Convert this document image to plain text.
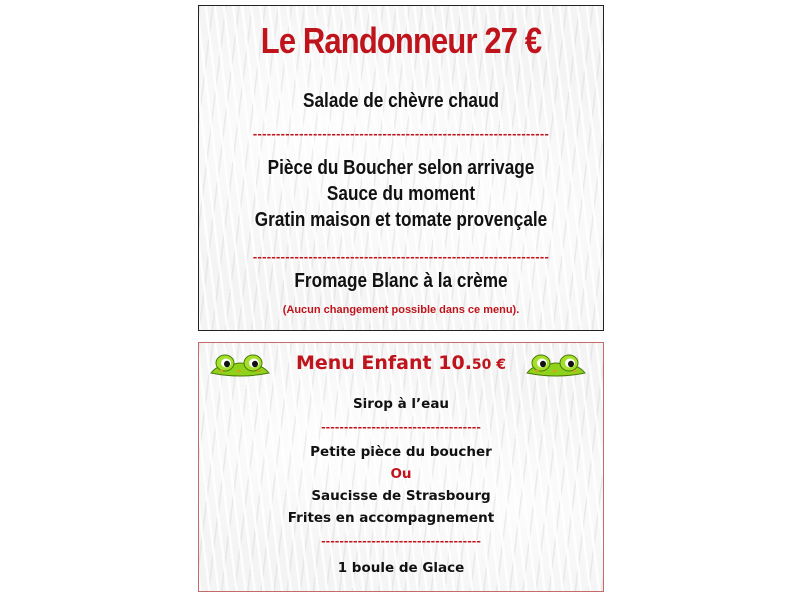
Le Randonneur 27 €
Salade de chèvre chaud
----------------------------------------------------------------
Pièce du Boucher selon arrivage
Sauce du moment
Gratin maison et tomate provençale
----------------------------------------------------------------
Fromage Blanc à la crème
(Aucun changement possible dans ce menu).
Menu Enfant 10.50 €
Sirop à l’eau
-----------------------------------
Petite pièce du boucher
Ou
Saucisse de Strasbourg
Frites en accompagnement
-----------------------------------
1 boule de Glace
